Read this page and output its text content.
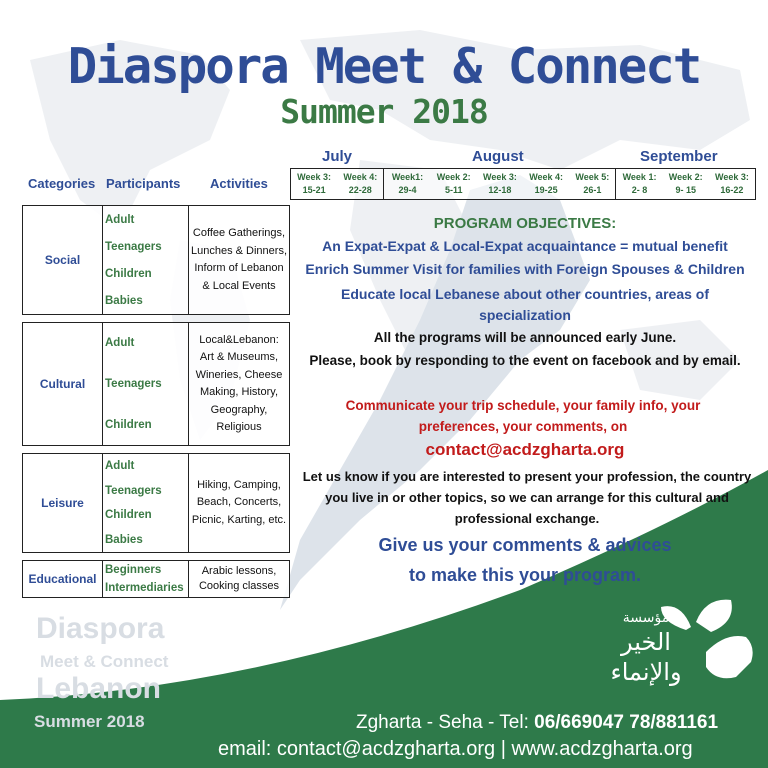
Diaspora Meet & Connect
Summer 2018
July	August	September
Week 3:
15-21
Week 4:
22-28
Week1:
29-4
Week 2:
5-11
Week 3:
12-18
Week 4:
19-25
Week 5:
26-1
Week 1:
2- 8
Week 2:
9- 15
Week 3:
16-22
Categories Participants Activities
Social
Adult
Teenagers
Children
Babies
Coffee Gatherings, Lunches & Dinners, Inform of Lebanon & Local Events
Cultural
Adult
Teenagers
Children
Local&Lebanon: Art & Museums, Wineries, Cheese Making, History, Geography, Religious
Leisure
Adult
Teenagers
Children
Babies
Hiking, Camping, Beach, Concerts, Picnic, Karting, etc.
Educational
Beginners
Intermediaries
Arabic lessons, Cooking classes
PROGRAM OBJECTIVES:
An Expat-Expat & Local-Expat acquaintance = mutual benefit
Enrich Summer Visit for families with Foreign Spouses & Children
Educate local Lebanese about other countries, areas of specialization
All the programs will be announced early June.
Please, book by responding to the event on facebook and by email.
Communicate your trip schedule, your family info, your preferences, your comments, on
contact@acdzgharta.org
Let us know if you are interested to present your profession, the country you live in or other topics, so we can arrange for this cultural and professional exchange.
Give us your comments & advices
to make this your program.
Diaspora
Meet & Connect
Lebanon
Summer 2018
مؤسسة
الخير
والإنماء
Zgharta - Seha - Tel: 06/669047 78/881161
email: contact@acdzgharta.org | www.acdzgharta.org
